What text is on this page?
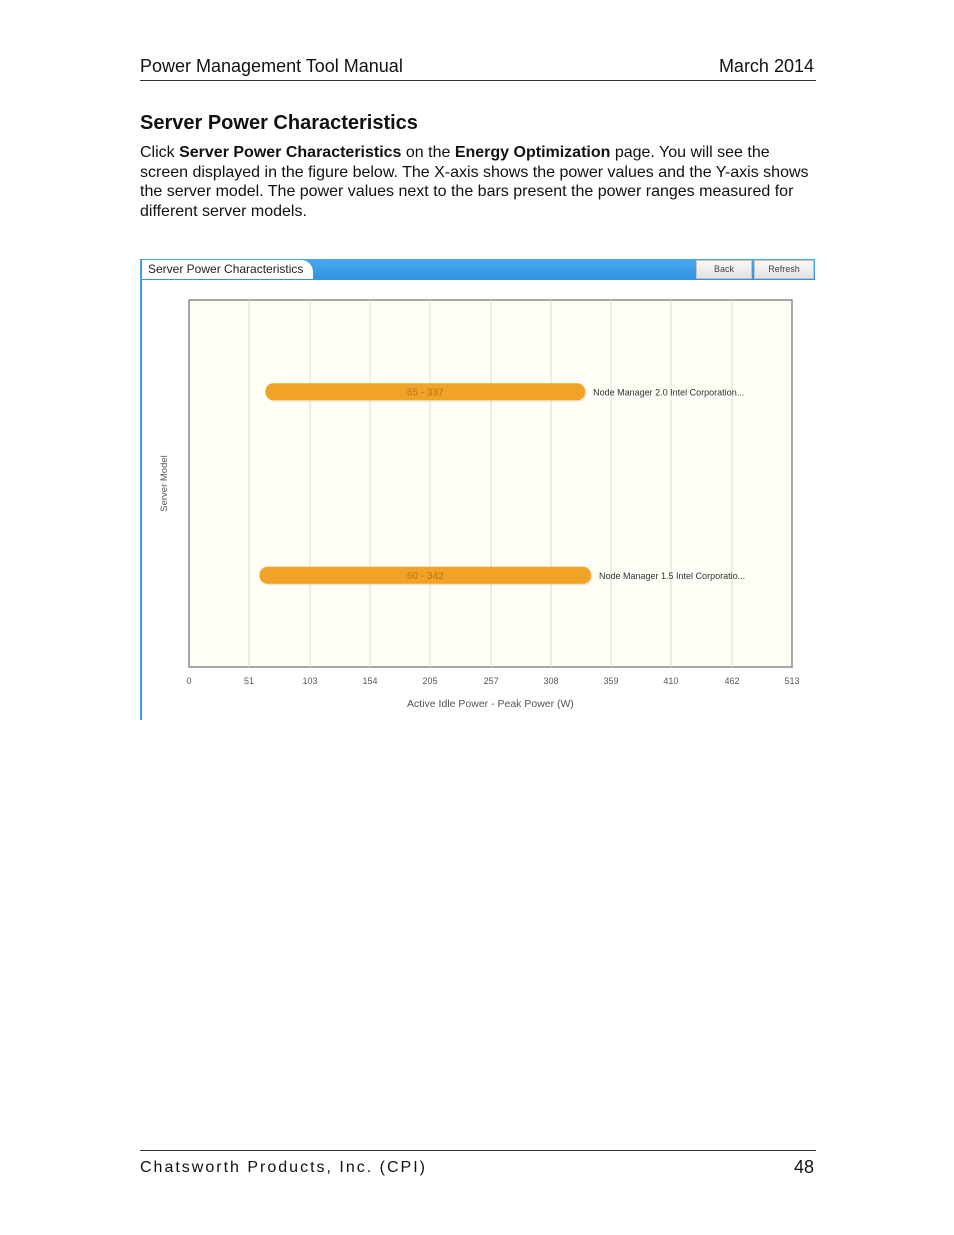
Power Management Tool Manual	March 2014
Server Power Characteristics
Click Server Power Characteristics on the Energy Optimization page. You will see the screen displayed in the figure below. The X-axis shows the power values and the Y-axis shows the server model. The power values next to the bars present the power ranges measured for different server models.
Server Power Characteristics	Back	Refresh
0	51	103	154	205	257	308	359	410	462	513
65 - 337	Node Manager 2.0 Intel Corporation...
60 - 342	Node Manager 1.5 Intel Corporatio...
Server Model
Active Idle Power - Peak Power (W)
Chatsworth Products, Inc. (CPI)	48
